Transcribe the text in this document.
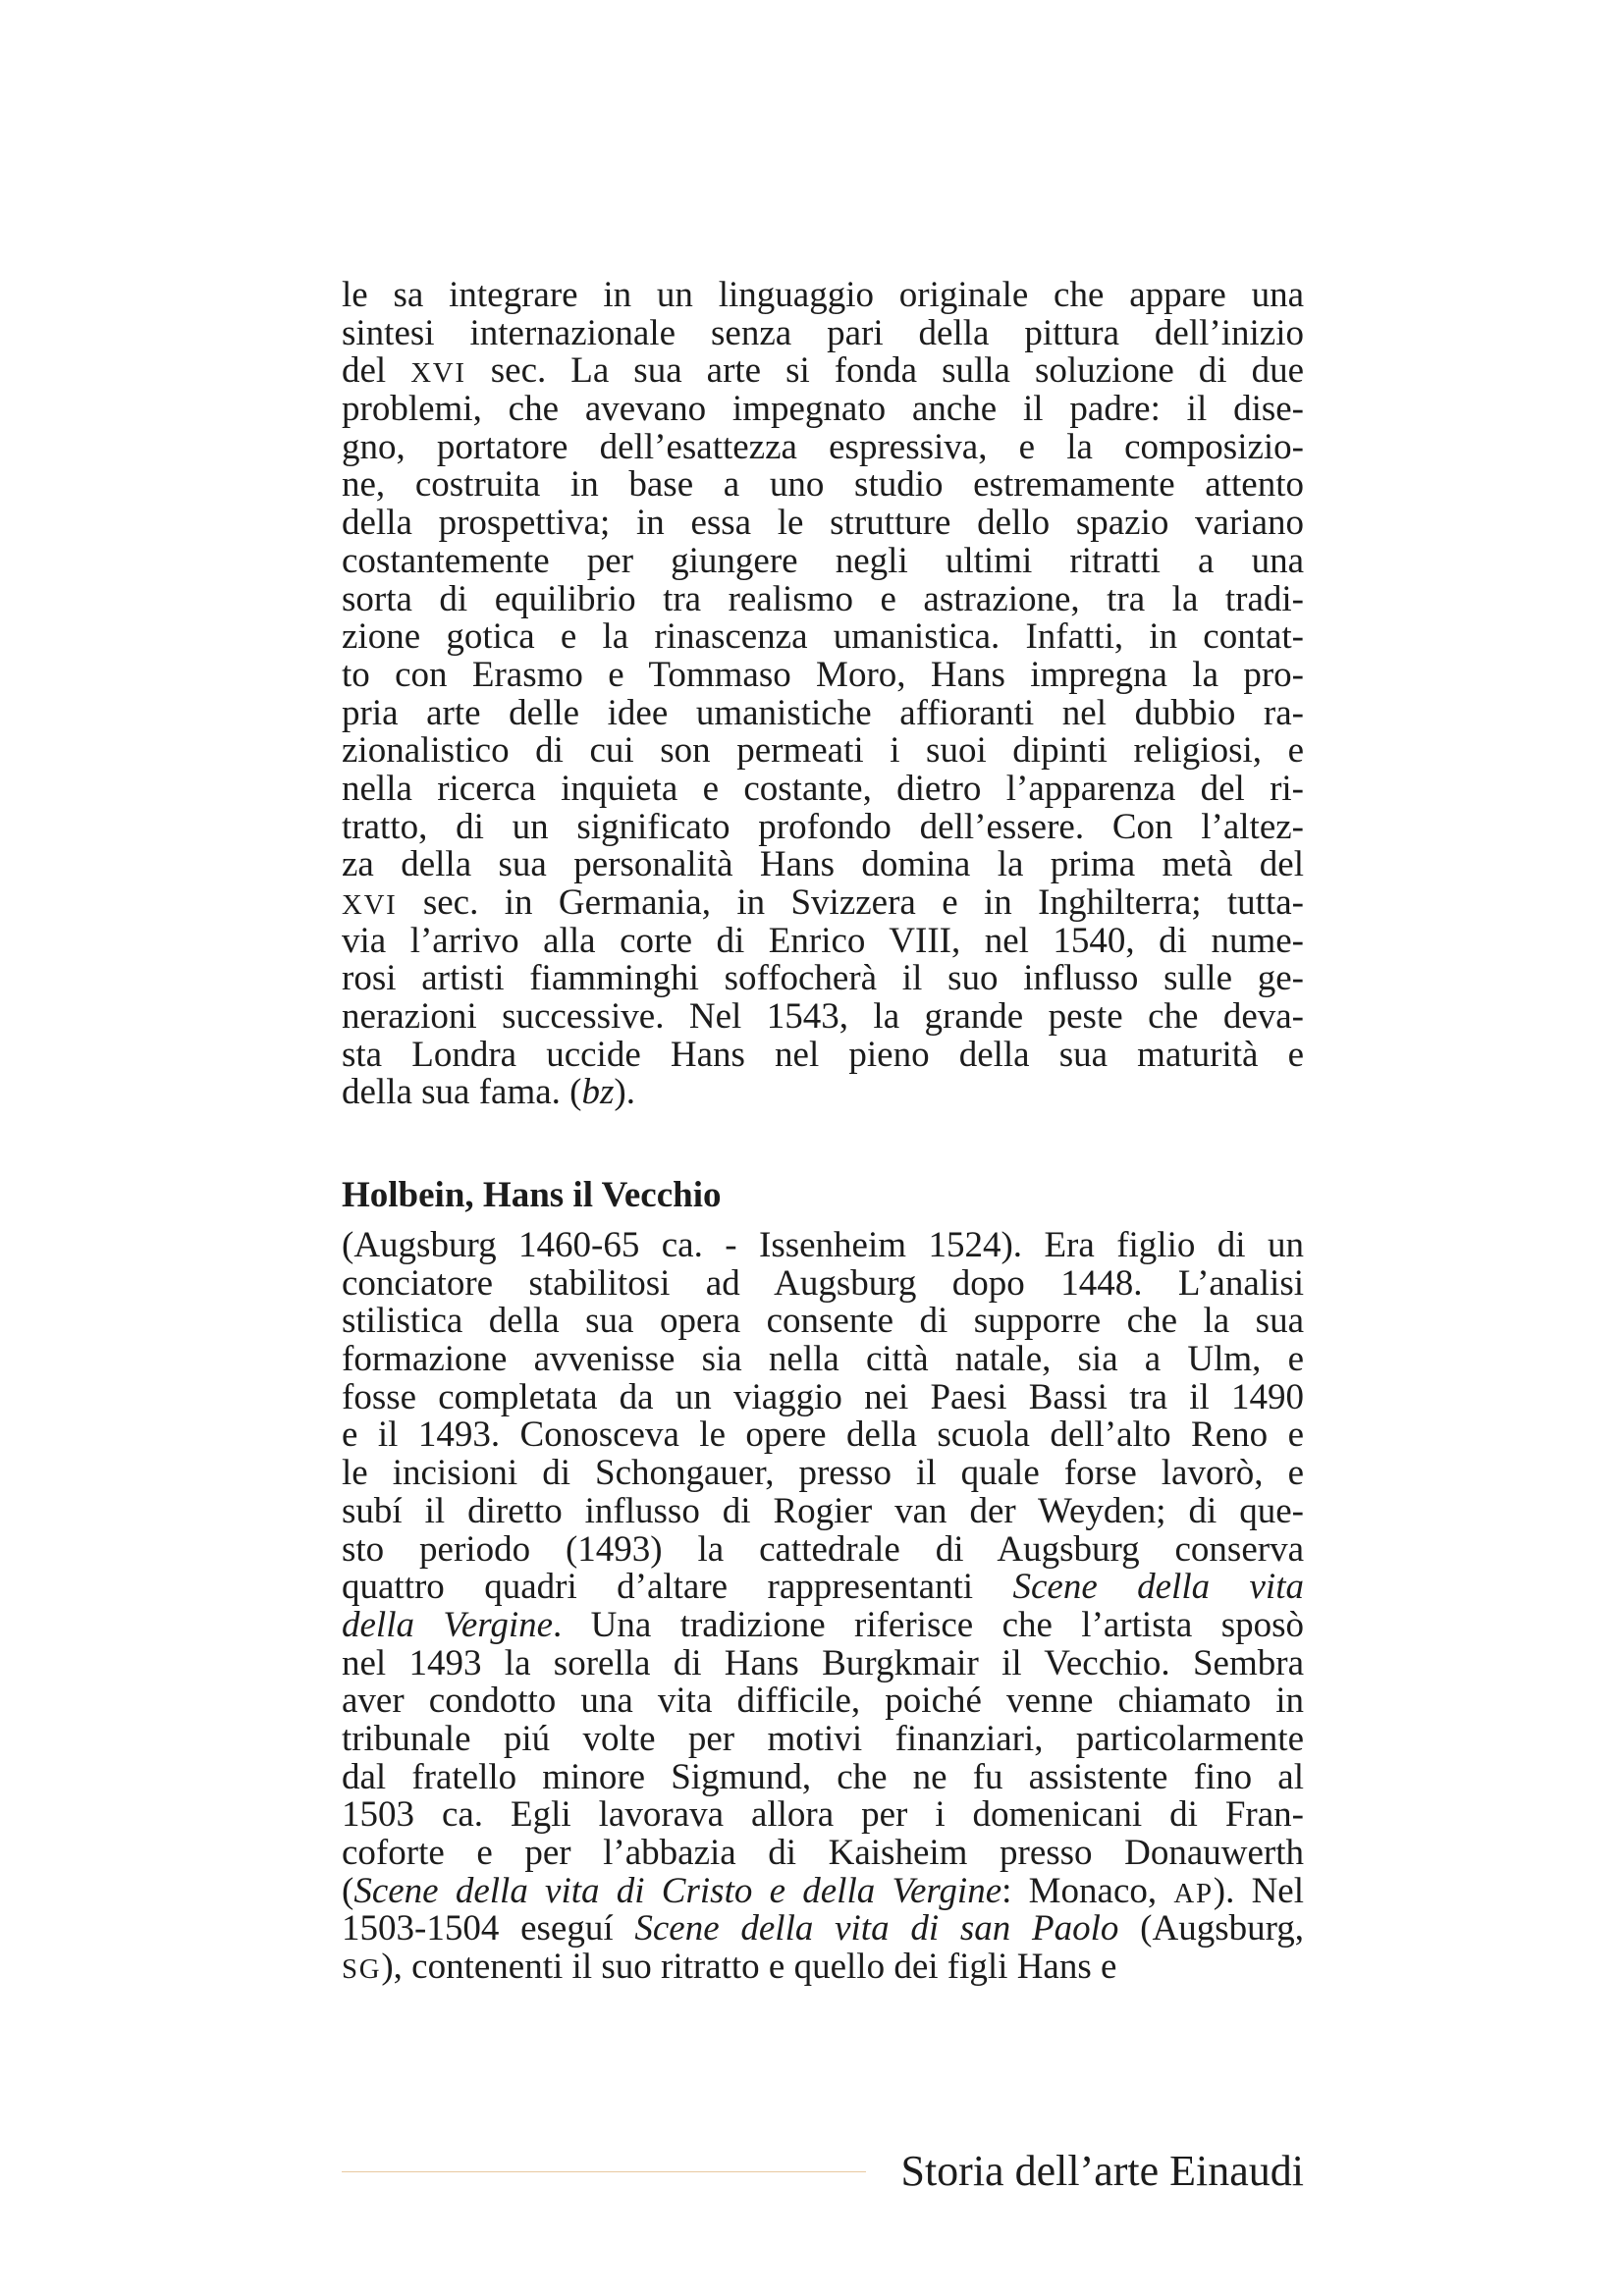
le sa integrare in un linguaggio originale che appare una
sintesi internazionale senza pari della pittura dell’inizio
del XVI sec. La sua arte si fonda sulla soluzione di due
problemi, che avevano impegnato anche il padre: il dise-
gno, portatore dell’esattezza espressiva, e la composizio-
ne, costruita in base a uno studio estremamente attento
della prospettiva; in essa le strutture dello spazio variano
costantemente per giungere negli ultimi ritratti a una
sorta di equilibrio tra realismo e astrazione, tra la tradi-
zione gotica e la rinascenza umanistica. Infatti, in contat-
to con Erasmo e Tommaso Moro, Hans impregna la pro-
pria arte delle idee umanistiche affioranti nel dubbio ra-
zionalistico di cui son permeati i suoi dipinti religiosi, e
nella ricerca inquieta e costante, dietro l’apparenza del ri-
tratto, di un significato profondo dell’essere. Con l’altez-
za della sua personalità Hans domina la prima metà del
XVI sec. in Germania, in Svizzera e in Inghilterra; tutta-
via l’arrivo alla corte di Enrico VIII, nel 1540, di nume-
rosi artisti fiamminghi soffocherà il suo influsso sulle ge-
nerazioni successive. Nel 1543, la grande peste che deva-
sta Londra uccide Hans nel pieno della sua maturità e
della sua fama. (bz).
Holbein, Hans il Vecchio
(Augsburg 1460-65 ca. - Issenheim 1524). Era figlio di un
conciatore stabilitosi ad Augsburg dopo 1448. L’analisi
stilistica della sua opera consente di supporre che la sua
formazione avvenisse sia nella città natale, sia a Ulm, e
fosse completata da un viaggio nei Paesi Bassi tra il 1490
e il 1493. Conosceva le opere della scuola dell’alto Reno e
le incisioni di Schongauer, presso il quale forse lavorò, e
subí il diretto influsso di Rogier van der Weyden; di que-
sto periodo (1493) la cattedrale di Augsburg conserva
quattro quadri d’altare rappresentanti Scene della vita
della Vergine. Una tradizione riferisce che l’artista sposò
nel 1493 la sorella di Hans Burgkmair il Vecchio. Sembra
aver condotto una vita difficile, poiché venne chiamato in
tribunale piú volte per motivi finanziari, particolarmente
dal fratello minore Sigmund, che ne fu assistente fino al
1503 ca. Egli lavorava allora per i domenicani di Fran-
coforte e per l’abbazia di Kaisheim presso Donauwerth
(Scene della vita di Cristo e della Vergine: Monaco, AP). Nel
1503-1504 eseguí Scene della vita di san Paolo (Augsburg,
SG), contenenti il suo ritratto e quello dei figli Hans e
Storia dell’arte Einaudi
